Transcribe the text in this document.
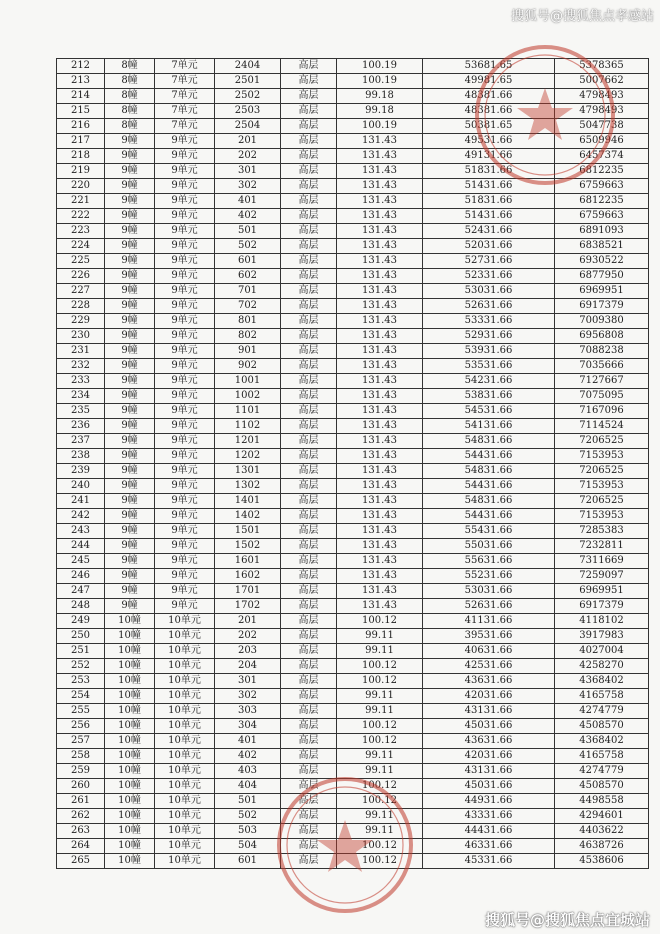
搜狐号@搜狐焦点孝感站
212	8幢	7单元	2404	高层	100.19	53681.65	5378365
213	8幢	7单元	2501	高层	100.19	49981.65	5007662
214	8幢	7单元	2502	高层	99.18	48381.66	4798493
215	8幢	7单元	2503	高层	99.18	48381.66	4798493
216	8幢	7单元	2504	高层	100.19	50381.65	5047738
217	9幢	9单元	201	高层	131.43	49531.66	6509946
218	9幢	9单元	202	高层	131.43	49131.66	6457374
219	9幢	9单元	301	高层	131.43	51831.66	6812235
220	9幢	9单元	302	高层	131.43	51431.66	6759663
221	9幢	9单元	401	高层	131.43	51831.66	6812235
222	9幢	9单元	402	高层	131.43	51431.66	6759663
223	9幢	9单元	501	高层	131.43	52431.66	6891093
224	9幢	9单元	502	高层	131.43	52031.66	6838521
225	9幢	9单元	601	高层	131.43	52731.66	6930522
226	9幢	9单元	602	高层	131.43	52331.66	6877950
227	9幢	9单元	701	高层	131.43	53031.66	6969951
228	9幢	9单元	702	高层	131.43	52631.66	6917379
229	9幢	9单元	801	高层	131.43	53331.66	7009380
230	9幢	9单元	802	高层	131.43	52931.66	6956808
231	9幢	9单元	901	高层	131.43	53931.66	7088238
232	9幢	9单元	902	高层	131.43	53531.66	7035666
233	9幢	9单元	1001	高层	131.43	54231.66	7127667
234	9幢	9单元	1002	高层	131.43	53831.66	7075095
235	9幢	9单元	1101	高层	131.43	54531.66	7167096
236	9幢	9单元	1102	高层	131.43	54131.66	7114524
237	9幢	9单元	1201	高层	131.43	54831.66	7206525
238	9幢	9单元	1202	高层	131.43	54431.66	7153953
239	9幢	9单元	1301	高层	131.43	54831.66	7206525
240	9幢	9单元	1302	高层	131.43	54431.66	7153953
241	9幢	9单元	1401	高层	131.43	54831.66	7206525
242	9幢	9单元	1402	高层	131.43	54431.66	7153953
243	9幢	9单元	1501	高层	131.43	55431.66	7285383
244	9幢	9单元	1502	高层	131.43	55031.66	7232811
245	9幢	9单元	1601	高层	131.43	55631.66	7311669
246	9幢	9单元	1602	高层	131.43	55231.66	7259097
247	9幢	9单元	1701	高层	131.43	53031.66	6969951
248	9幢	9单元	1702	高层	131.43	52631.66	6917379
249	10幢	10单元	201	高层	100.12	41131.66	4118102
250	10幢	10单元	202	高层	99.11	39531.66	3917983
251	10幢	10单元	203	高层	99.11	40631.66	4027004
252	10幢	10单元	204	高层	100.12	42531.66	4258270
253	10幢	10单元	301	高层	100.12	43631.66	4368402
254	10幢	10单元	302	高层	99.11	42031.66	4165758
255	10幢	10单元	303	高层	99.11	43131.66	4274779
256	10幢	10单元	304	高层	100.12	45031.66	4508570
257	10幢	10单元	401	高层	100.12	43631.66	4368402
258	10幢	10单元	402	高层	99.11	42031.66	4165758
259	10幢	10单元	403	高层	99.11	43131.66	4274779
260	10幢	10单元	404	高层	100.12	45031.66	4508570
261	10幢	10单元	501	高层	100.12	44931.66	4498558
262	10幢	10单元	502	高层	99.11	43331.66	4294601
263	10幢	10单元	503	高层	99.11	44431.66	4403622
264	10幢	10单元	504	高层	100.12	46331.66	4638726
265	10幢	10单元	601	高层	100.12	45331.66	4538606
搜狐号@搜狐焦点宜城站
